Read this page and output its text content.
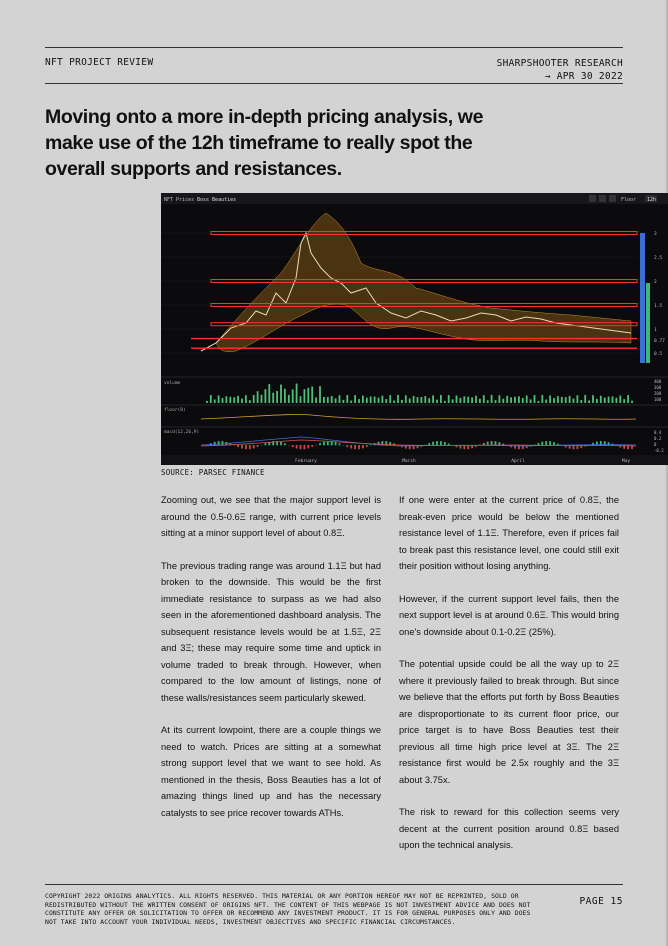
NFT PROJECT REVIEW	SHARPSHOOTER RESEARCH
→ APR 30 2022
Moving onto a more in-depth pricing analysis, we make use of the 12h timeframe to really spot the overall supports and resistances.
NFT Prices Boss Beauties	Floor 12h
3
2.5
2
1.5
1
0.77
0.5
volume	400
300
200
100
floor(8)
macd(12,26,9)	0.4
0.2
0
-0.2
February	March	April	May
SOURCE: PARSEC FINANCE

Zooming out, we see that the major support level is around the 0.5-0.6Ξ range, with current price levels sitting at a minor support level of about 0.8Ξ.

The previous trading range was around 1.1Ξ but had broken to the downside. This would be the first immediate resistance to surpass as we had also seen in the aforementioned dashboard analysis. The subsequent resistance levels would be at 1.5Ξ, 2Ξ and 3Ξ; these may require some time and uptick in volume traded to break through. However, when compared to the low amount of listings, none of these walls/resistances seem particularly skewed.

At its current lowpoint, there are a couple things we need to watch. Prices are sitting at a somewhat strong support level that we want to see hold. As mentioned in the thesis, Boss Beauties has a lot of amazing things lined up and has the necessary catalysts to see price recover towards ATHs.

If one were enter at the current price of 0.8Ξ, the break-even price would be below the mentioned resistance level of 1.1Ξ. Therefore, even if prices fail to break past this resistance level, one could still exit their position without losing anything.

However, if the current support level fails, then the next support level is at around 0.6Ξ. This would bring one's downside about 0.1-0.2Ξ (25%).

The potential upside could be all the way up to 2Ξ where it previously failed to break through. But since we believe that the efforts put forth by Boss Beauties are disproportionate to its current floor price, our price target is to have Boss Beauties test their previous all time high price level at 3Ξ. The 2Ξ resistance first would be 2.5x roughly and the 3Ξ about 3.75x.

The risk to reward for this collection seems very decent at the current position around 0.8Ξ based upon the technical analysis.

COPYRIGHT 2022 ORIGINS ANALYTICS. ALL RIGHTS RESERVED. THIS MATERIAL OR ANY PORTION HEREOF MAY NOT BE REPRINTED, SOLD OR REDISTRIBUTED WITHOUT THE WRITTEN CONSENT OF ORIGINS NFT. THE CONTENT OF THIS WEBPAGE IS NOT INVESTMENT ADVICE AND DOES NOT CONSTITUTE ANY OFFER OR SOLICITATION TO OFFER OR RECOMMEND ANY INVESTMENT PRODUCT. IT IS FOR GENERAL PURPOSES ONLY AND DOES NOT TAKE INTO ACCOUNT YOUR INDIVIDUAL NEEDS, INVESTMENT OBJECTIVES AND SPECIFIC FINANCIAL CIRCUMSTANCES.
PAGE 15
